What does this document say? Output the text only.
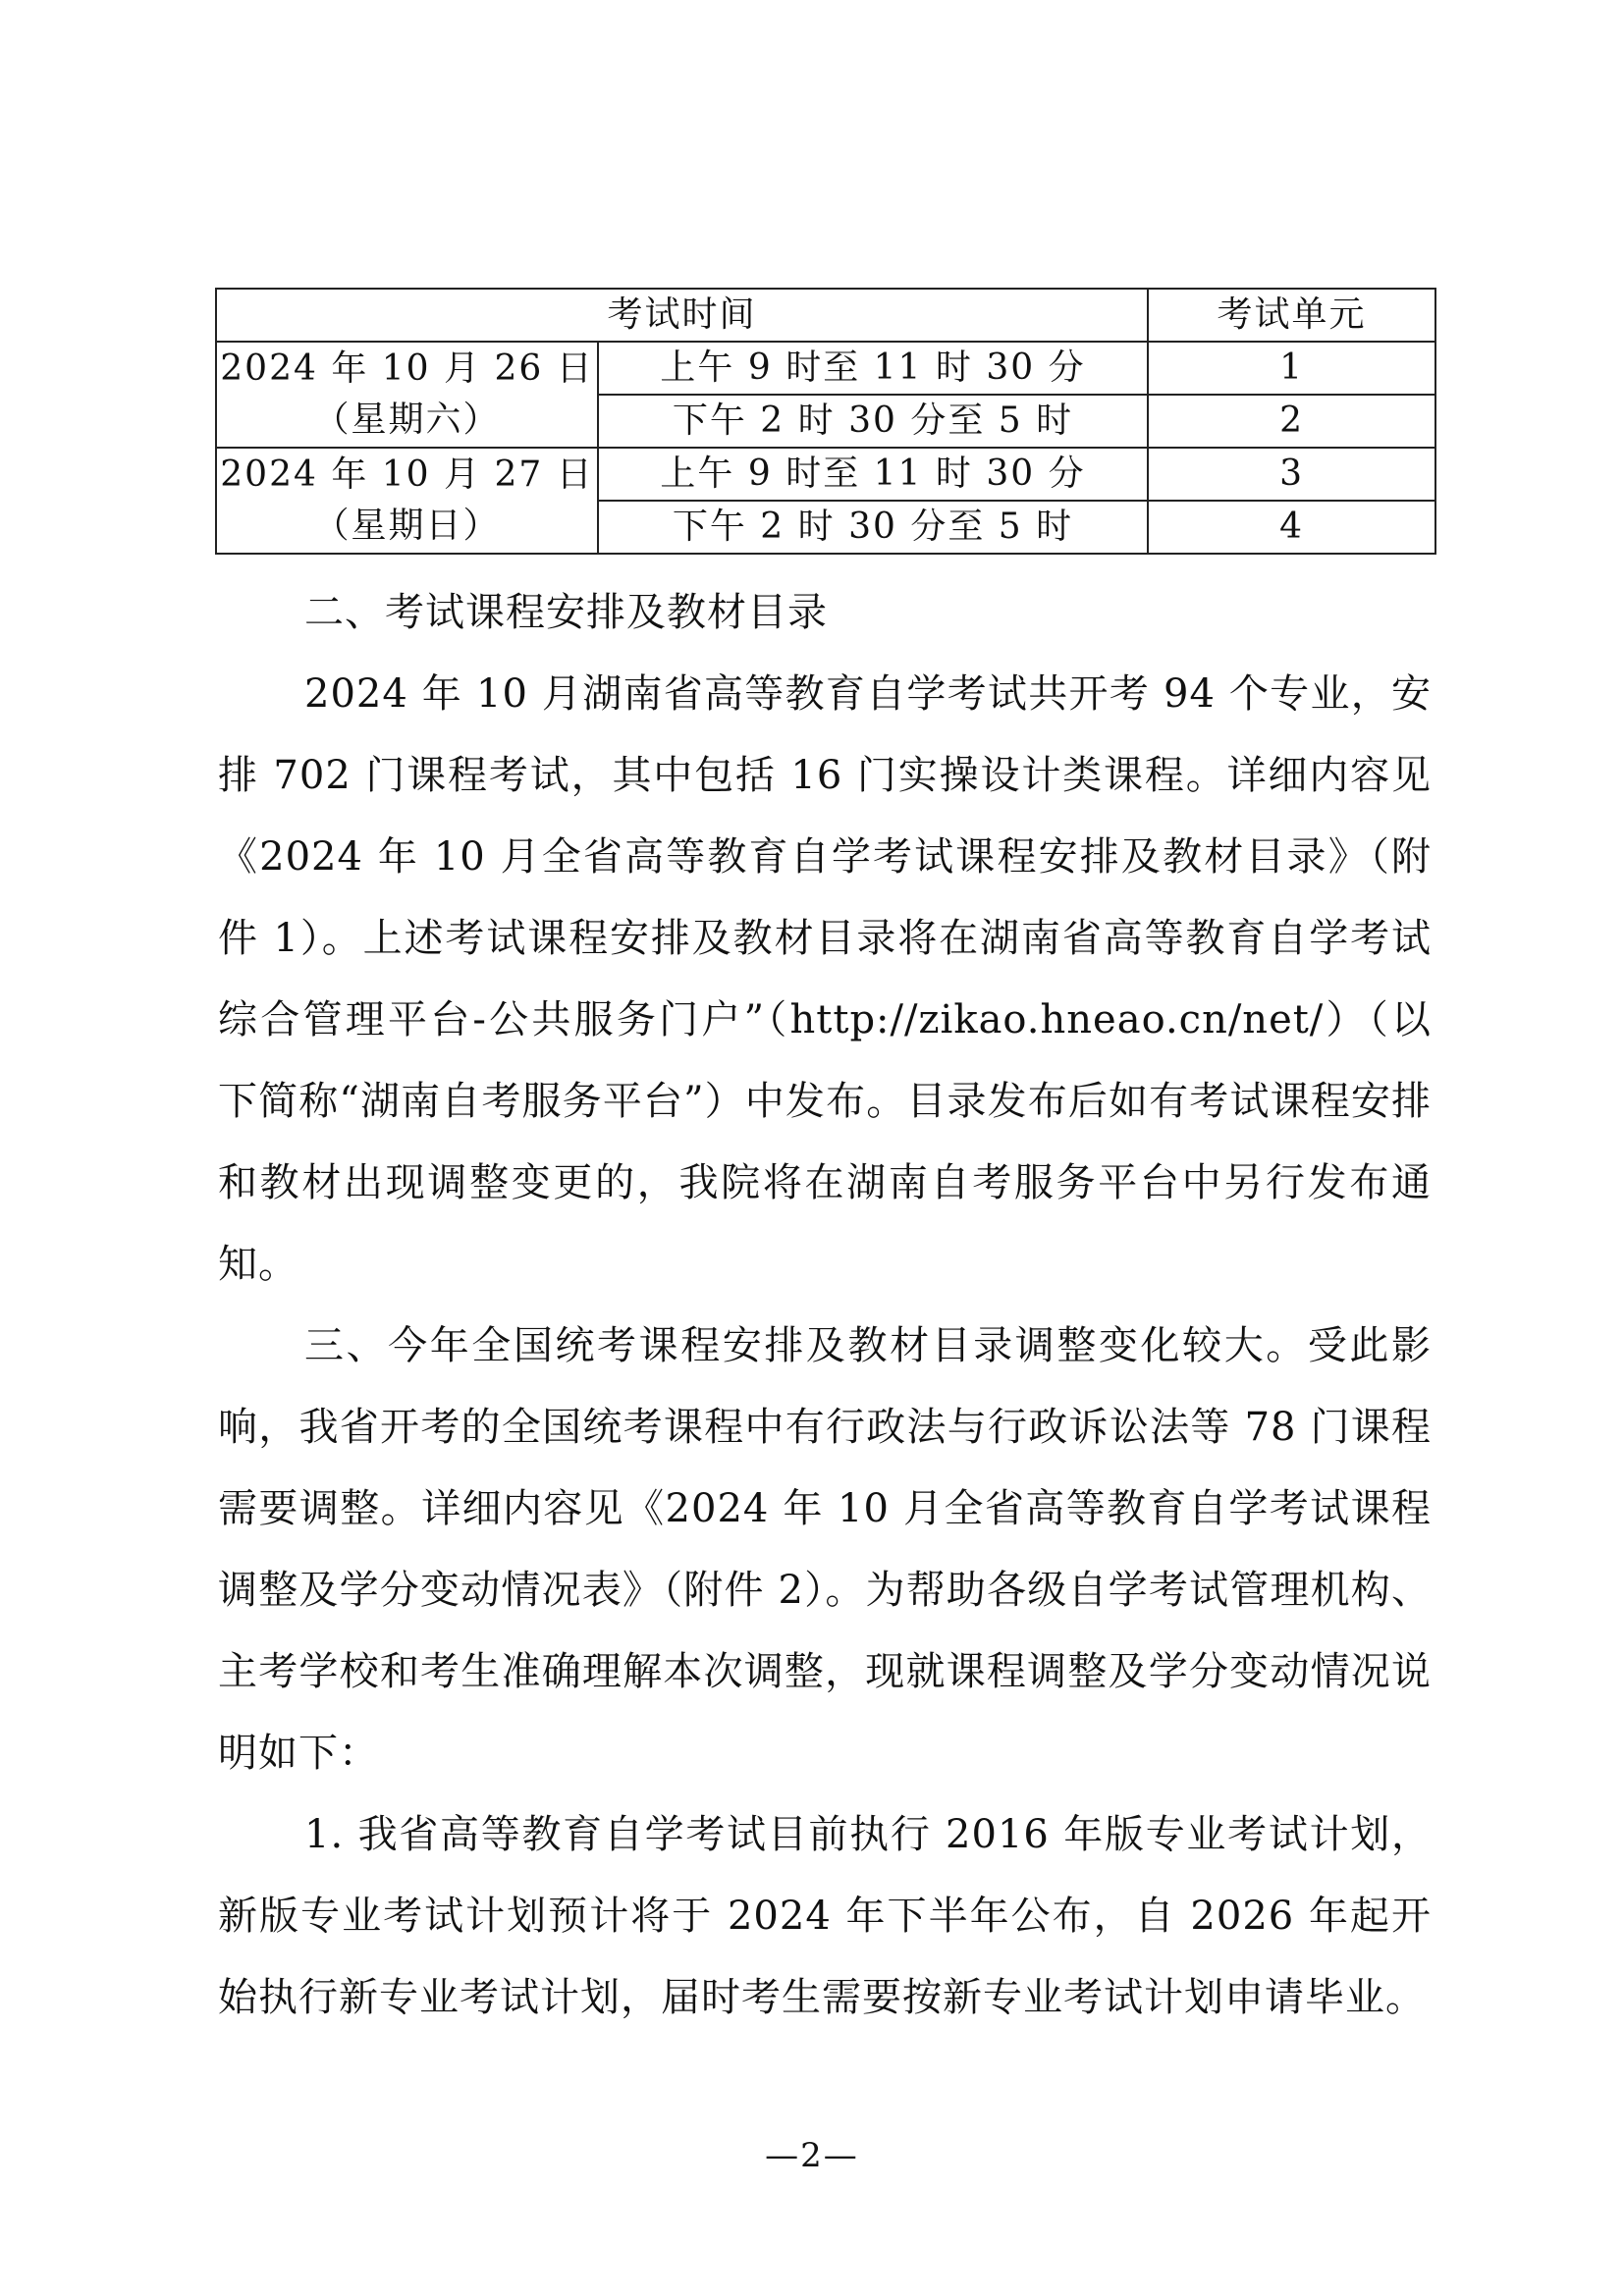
考试时间		考试单元

2024 年 10 月 26 日
（星期六）	上午 9 时至 11 时 30 分	1
	下午 2 时 30 分至 5 时	2

2024 年 10 月 27 日
（星期日）	上午 9 时至 11 时 30 分	3
	下午 2 时 30 分至 5 时	4

二、考试课程安排及教材目录

2024 年 10 月湖南省高等教育自学考试共开考 94 个专业，安排 702 门课程考试，其中包括 16 门实操设计类课程。详细内容见《2024 年 10 月全省高等教育自学考试课程安排及教材目录》（附件 1）。上述考试课程安排及教材目录将在湖南省高等教育自学考试综合管理平台-公共服务门户”（http://zikao.hneao.cn/net/）（以下简称“湖南自考服务平台”）中发布。目录发布后如有考试课程安排和教材出现调整变更的，我院将在湖南自考服务平台中另行发布通知。

三、今年全国统考课程安排及教材目录调整变化较大。受此影响，我省开考的全国统考课程中有行政法与行政诉讼法等 78 门课程需要调整。详细内容见《2024 年 10 月全省高等教育自学考试课程调整及学分变动情况表》（附件 2）。为帮助各级自学考试管理机构、主考学校和考生准确理解本次调整，现就课程调整及学分变动情况说明如下：

1. 我省高等教育自学考试目前执行 2016 年版专业考试计划，新版专业考试计划预计将于 2024 年下半年公布，自 2026 年起开始执行新专业考试计划，届时考生需要按新专业考试计划申请毕业。

—2—
